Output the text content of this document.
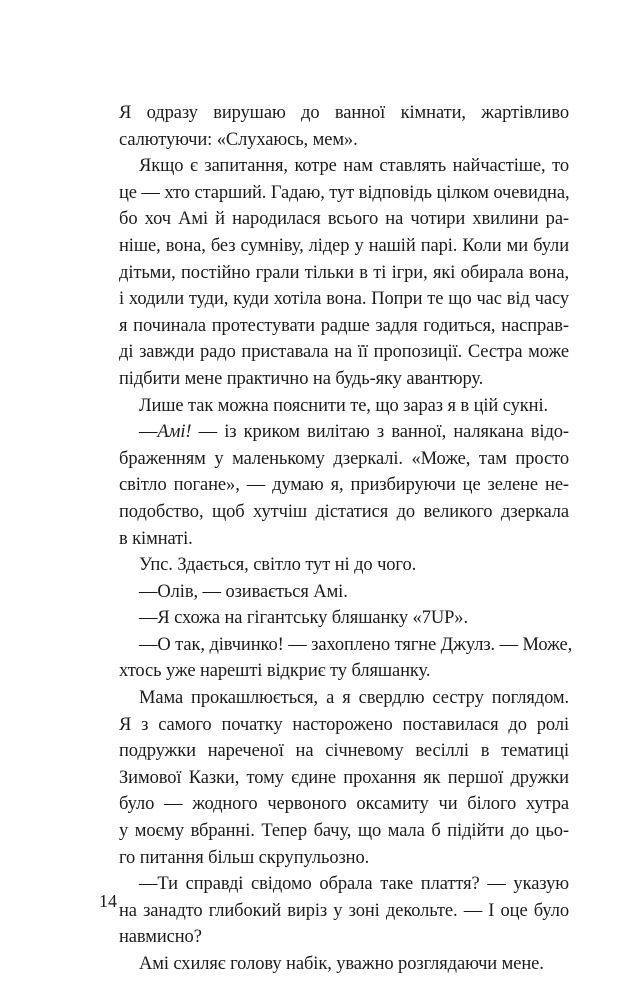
Я одразу вирушаю до ванної кімнати, жартівливо
салютуючи: «Слухаюсь, мем».

Якщо є запитання, котре нам ставлять найчастіше, то
це — хто старший. Гадаю, тут відповідь цілком очевидна,
бо хоч Амі й народилася всього на чотири хвилини ра-
ніше, вона, без сумніву, лідер у нашій парі. Коли ми були
дітьми, постійно грали тільки в ті ігри, які обирала вона,
і ходили туди, куди хотіла вона. Попри те що час від часу
я починала протестувати радше задля годиться, насправ-
ді завжди радо приставала на її пропозиції. Сестра може
підбити мене практично на будь-яку авантюру.

Лише так можна пояснити те, що зараз я в цій сукні.

—Амі! — із криком вилітаю з ванної, налякана відо-
браженням у маленькому дзеркалі. «Може, там просто
світло погане», — думаю я, призбируючи це зелене не-
подобство, щоб хутчіш дістатися до великого дзеркала
в кімнаті.

Упс. Здається, світло тут ні до чого.

—Олів, — озивається Амі.

—Я схожа на гігантську бляшанку «7UP».

—О так, дівчинко! — захоплено тягне Джулз. — Може,
хтось уже нарешті відкриє ту бляшанку.

Мама прокашлюється, а я свердлю сестру поглядом.
Я з самого початку насторожено поставилася до ролі
подружки нареченої на січневому весіллі в тематиці
Зимової Казки, тому єдине прохання як першої дружки
було — жодного червоного оксамиту чи білого хутра
у моєму вбранні. Тепер бачу, що мала б підійти до цьо-
го питання більш скрупульозно.

—Ти справді свідомо обрала таке плаття? — указую
на занадто глибокий виріз у зоні декольте. — І оце було
навмисно?

Амі схиляє голову набік, уважно розглядаючи мене.

14
